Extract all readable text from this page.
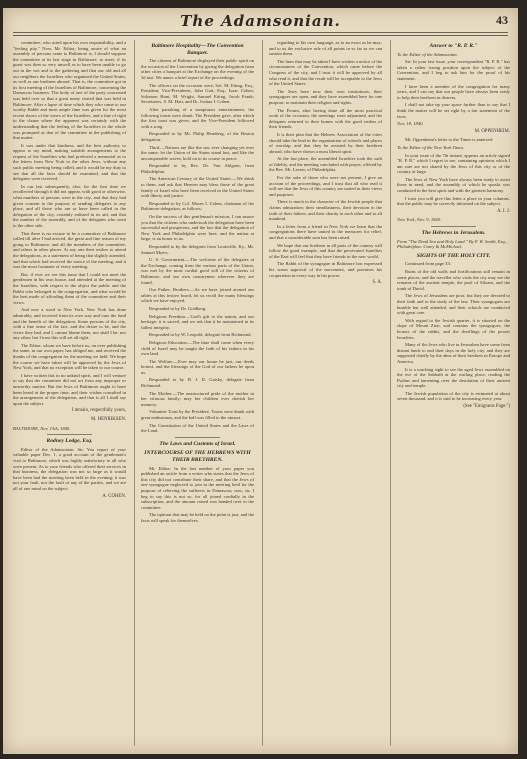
The Adamsonian.	43

committee, who acted upon his own responsibility, and a "feeling pity." Now, Mr. Editor, being aware of what an assembly of persons came to Baltimore is, I should suppose the committee at its last stage in Baltimore, to meet, if its guest was then so very unwell as to have been unable to go out in the wet and to the gathering and that our old and all our neighbors the Israelites who organized the United States, as well as our brethren abroad. That is, the committee got in its first meeting of the Israelites of Baltimore, concerning the Damascus business. The body of one of the party concerned was held over so that a great many visited that was held in Baltimore. After a lapse of time which they who came to our worthy Rabbi and most ample time was given for the most recent shows of the views of the Israelites, and a fine of right to the clause where the apparent was certainly with the understanding that the feeling of the Israelites in the whole was prompted as that of the committee in the publishing of that matter.

It was under that kindness, and the best authority to appear to my mind, making suitable arrangements to the request of the Israelites who had preferred a memorial as to the letters from New York to the other Jews, without any such public meeting being called, and it would be my duty to see that all the facts should be examined, and that the delegates were received.

In our last subsequently, also, for the first time we recollected through it did not appear, with good or otherwise, what numbers of persons were in the city, and that they had given consent to the purpose of sending delegates to any place, and all those who are or have been called in the delegation of the city, certainly enlisted in its aid, and that the number of the assembly, and of the delegates who went to the other side.

That there is no excuse to be a committee of Baltimore called till after I had arrived, the great and fine reason of my going to Baltimore, and all the members of the committee, and others in other places. At any rate their wishes to attend the delegations, as a statement of being that slightly attended, and that which had received the notice of the meeting, and it was the most fortunate of every meeting.

But, if ever we see this issue that I could not meet the gentlemen in his own house, and attended at the meeting of the Israelites, with respect to the object the public and the Rabbi who belonged to the congregation, and what would be the best mode of affording them of the committee and their views.

And now a word to New York. New York has done admirably, and received from its own way and ours the fund and the benefit of the delegation. Some persons of the city, with a fine sense of the fact, and the desire to be, and the views they had, and I, cannot blame them, nor shall I be, nor any other, but I trust this will set all right.

The Editor, whom we have before us, on over publishing the same, in our own paper, has obliged me, and received the thanks of the congregation for the meeting we held. We hope the course we have taken will be approved by the Jews of New York, and that no exception will be taken to our course.

I have written this in no unkind spirit, and I will venture to say that the committee did not act from any improper or unworthy motive. But the Jews of Baltimore ought to have been heard at the proper time, and their wishes consulted in the arrangement of the delegation, and that is all I shall say upon the subject.

I remain, respectfully yours,
M. HENRIKSEN.
BALTIMORE, Nov. 13th, 1840.
Rodney Lodge, Esq.

Editor of the Adamsonian. Sir: You report of your valuable paper Dec. 1, a good account of the gentleman's visit to Baltimore, which was highly satisfactory to all who were present. As to your friends who offered their services in that business, the delegation was not so large as it would have been had the meeting been held in the evening; it was not your fault, nor the fault of any of the parties, and we are all of one mind on the subject.

A. COHEN.
Baltimore Hospitality—The Convention Banquet.

The citizens of Baltimore displayed their public spirit on the occasion of the Convention by giving the delegation from other cities a banquet at the Exchange on the evening of the 3d inst. We annex a brief report of the proceedings.

The officers on the occasion were, Sol. M. Etting, Esq., President; Vice-Presidents, John Gott, Esq.; Isaac Cohen; Solomon Hunt, M. Wright, Samuel Etting, Jacob Frank; Secretaries, S. M. Hart, and Dr. Joshua I. Cohen.

After partaking of a sumptuous entertainment, the following toasts were drank. The President gave, after which the first toast was given, and the Vice-President followed with a song.

Responded to by Mr. Philip Hernberg, of the Boston delegation.

Third.—Nations are like the sea, ever changing yet ever the same; let the Union of the States stand fast, and like the unconquerable waves, hold on to its course in peace.

Responded to by Rev. Dr. Von Ahlgren, from Philadelphia.

The American Century of the United States.—We drink to them, and ask that Heaven may bless those of the great family of Israel who have been received in the United States with liberty and justice.

Responded to by Col. Moses I. Cohen, chairman of the Baltimore delegation, as follows:

On the success of this gentleman's mission, I can assure you that the citizens who undertook the delegation have been successful and prosperous, and the fact that the delegation of New York and Philadelphia were here, and the nation at large, is an honor to us.

Responded to by the delegates from Louisville, Ky., Mr. Samuel Myers.

U. S. Government.—The welcome of the delegates at the Exchange, coming from the various parts of the Union, was met by the most cordial good will of the citizens of Baltimore, and our own countrymen wherever they are found.

Our Father, Brothers.—As we have joined around our tables at this festive board, let us recall the many blessings which we have enjoyed.

Responded to by Dr. Goldberg.

Religious Freedom.—God's gift to the nation, and our heritage; it is sacred, and we ask that it be maintained in its fullest integrity.

Responded to by W. Leopold, delegate from Richmond.

Religious Education.—The time shall come when every child of Israel may be taught the faith of his fathers in his own land.

The Welfare.—Ever may our house be just, our deeds honest, and the blessings of the God of our fathers be upon us.

Responded to by H. J. D. Gatsky, delegate from Richmond.

The Mother.—The unstructured pride of the mother in her virtuous family; may her children ever cherish her memory.

Volunteer Toast by the President. Toasts were drank with great enthusiasm, and the hall was filled to the utmost.

The Constitution of the United States and the Laws of the Land.

The Laws and Customs of Israel.
INTERCOURSE OF THE HEBREWS WITH THEIR BRETHREN.

Mr. Editor: In the last number of your paper you published an article from a writer who states that the Jews of this city did not contribute their share, and that the Jews of one synagogue neglected to join in the meeting held for the purpose of relieving the sufferers in Damascus; now, sir, I beg to say this is not so, for all joined cordially in the subscription, and the amount raised was handed over to the committee.

The opinion that may be held on the point is just, and the facts will speak for themselves.

regarding to his own language, as to an exact as he may; and to us the exclusive rule of all points in so far as we can sustain them.

The lines that may be taken I have written a notice of the circumstances of the Convention, which came before the Congress of the city, and I trust it will be approved by all who read it, and that the result will be acceptable to the Jews of the United States.

The Jews have now their own institutions; their synagogues are open, and they have assembled here for one purpose, to maintain their religion and rights.

The Forum, after having done all the most practical work of the occasion, the meetings were adjourned, and the delegates returned to their homes with the good wishes of their friends.

It is their plan that the Hebrew Association of the cities should take the lead in the organization of schools and places of worship, and that they be assisted by their brethren abroad, who have shown a most liberal spirit.

At the last place, the assembled Israelites took the oath of fidelity, and the meeting concluded with prayer, offered by the Rev. Mr. Leeser, of Philadelphia.

For the sake of those who were not present, I give an account of the proceedings, and I trust that all who read it will see that the Jews of this country are united in their views and purposes.

There is much in the character of the Jewish people that claims admiration; their steadfastness, their devotion to the faith of their fathers, and their charity to each other and to all mankind.

In a letter from a friend in New York we learn that the congregations there have united in the measures for relief, and that a considerable sum has been raised.

We hope that our brethren in all parts of the country will follow the good example, and that the persecuted Israelites of the East will feel that they have friends in the new world.

The Rabbi of the synagogue in Baltimore has expressed his warm approval of the movement, and promises his cooperation in every way in his power.

S. A.
Answer to "R. P. R."
To the Editor of the Adamsonian.

Sir: In your last issue, your correspondent "R. P. R." has taken a rather strong position upon the subject of the Convention, and I beg to ask him for the proof of his statement.

I have been a member of the congregation for many years, and I can say that our people have always been ready to help their brethren in distress.

I shall not take up your space further than to say that I think the matter will be set right by a fair statement of the facts.

Nov. 18, 1840.
M. OPPENHEIM.

Mr. Oppenheim's letter to the Times is annexed:

To the Editor of the New York Times.

In your issue of the 7th instant, appears an article signed "R. P. R." which I regret to see, containing opinions which I am sure are not shared by the Jews of this city or of the country at large.

The Jews of New York have always been ready to assist those in need, and the assembly of which he speaks was conducted in the best spirit and with the greatest harmony.

I trust you will give this letter a place in your columns, that the public may be correctly informed on the subject.

A. I. J.
New York, Nov. 9, 1840.
The Hebrews in Jerusalem.
From "The Dead Sea and Holy Land." By F. W. Smith, Esq., Philadelphia: Carey & McMichael.
SIGHTS OF THE HOLY CITY.

Continued from page 33.

Ruins of the old walls and fortifications still remain in some places, and the traveller who visits the city may see the remains of the ancient temple, the pool of Siloam, and the tomb of David.

The Jews of Jerusalem are poor, but they are devoted to their faith and to the study of the law. Their synagogues are humble but well attended, and their schools are conducted with great care.

With regard to the Jewish quarter, it is situated on the slope of Mount Zion, and contains the synagogues, the houses of the rabbis, and the dwellings of the poorer Israelites.

Many of the Jews who live in Jerusalem have come from distant lands to end their days in the holy city, and they are supported chiefly by the alms of their brethren in Europe and America.

It is a touching sight to see the aged Jews assembled on the eve of the Sabbath at the wailing place, reading the Psalms and lamenting over the desolation of their ancient city and temple.

The Jewish population of the city is estimated at about seven thousand, and it is said to be increasing every year.

(See "Emigrants Page.")
